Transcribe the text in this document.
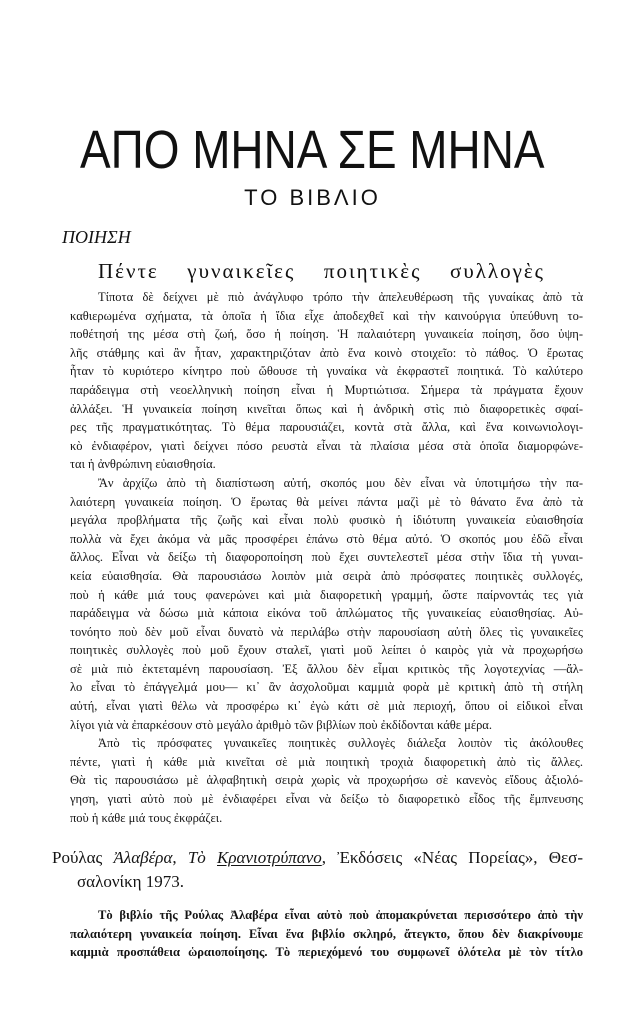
ΑΠΟ ΜΗΝΑ ΣΕ ΜΗΝΑ
ΤΟ ΒΙΒΛΙΟ
ΠΟΙΗΣΗ
Πέντε γυναικεῖες ποιητικὲς συλλογὲς
Τίποτα δὲ δείχνει μὲ πιὸ ἀνάγλυφο τρόπο τὴν ἀπελευθέρωση τῆς γυναίκας ἀπὸ τὰ
καθιερωμένα σχήματα, τὰ ὁποῖα ἡ ἴδια εἶχε ἀποδεχθεῖ καὶ τὴν καινούργια ὑπεύθυνη το-
ποθέτησή της μέσα στὴ ζωή, ὅσο ἡ ποίηση. Ἡ παλαιότερη γυναικεία ποίηση, ὅσο ὑψη-
λῆς στάθμης καὶ ἂν ἦταν, χαρακτηριζόταν ἀπὸ ἕνα κοινὸ στοιχεῖο: τὸ πάθος. Ὁ ἔρωτας
ἦταν τὸ κυριότερο κίνητρο ποὺ ὤθουσε τὴ γυναίκα νὰ ἐκφραστεῖ ποιητικά. Τὸ καλύτερο
παράδειγμα στὴ νεοελληνικὴ ποίηση εἶναι ἡ Μυρτιώτισα. Σήμερα τὰ πράγματα ἔχουν
ἀλλάξει. Ἡ γυναικεία ποίηση κινεῖται ὅπως καὶ ἡ ἀνδρικὴ στὶς πιὸ διαφορετικὲς σφαί-
ρες τῆς πραγματικότητας. Τὸ θέμα παρουσιάζει, κοντὰ στὰ ἄλλα, καὶ ἕνα κοινωνιολογι-
κὸ ἐνδιαφέρον, γιατὶ δείχνει πόσο ρευστὰ εἶναι τὰ πλαίσια μέσα στὰ ὁποῖα διαμορφώνε-
ται ἡ ἀνθρώπινη εὐαισθησία.
Ἂν ἀρχίζω ἀπὸ τὴ διαπίστωση αὐτή, σκοπός μου δὲν εἶναι νὰ ὑποτιμήσω τὴν πα-
λαιότερη γυναικεία ποίηση. Ὁ ἔρωτας θὰ μείνει πάντα μαζὶ μὲ τὸ θάνατο ἕνα ἀπὸ τὰ
μεγάλα προβλήματα τῆς ζωῆς καὶ εἶναι πολὺ φυσικὸ ἡ ἰδιότυπη γυναικεία εὐαισθησία
πολλὰ νὰ ἔχει ἀκόμα νὰ μᾶς προσφέρει ἐπάνω στὸ θέμα αὐτό. Ὁ σκοπός μου ἐδῶ εἶναι
ἄλλος. Εἶναι νὰ δείξω τὴ διαφοροποίηση ποὺ ἔχει συντελεστεῖ μέσα στὴν ἴδια τὴ γυναι-
κεία εὐαισθησία. Θὰ παρουσιάσω λοιπὸν μιὰ σειρὰ ἀπὸ πρόσφατες ποιητικὲς συλλογές,
ποὺ ἡ κάθε μιά τους φανερώνει καὶ μιὰ διαφορετικὴ γραμμή, ὥστε παίρνοντάς τες γιὰ
παράδειγμα νὰ δώσω μιὰ κάποια εἰκόνα τοῦ ἁπλώματος τῆς γυναικείας εὐαισθησίας. Αὐ-
τονόητο ποὺ δὲν μοῦ εἶναι δυνατὸ νὰ περιλάβω στὴν παρουσίαση αὐτὴ ὅλες τὶς γυναικεῖες
ποιητικὲς συλλογὲς ποὺ μοῦ ἔχουν σταλεῖ, γιατὶ μοῦ λείπει ὁ καιρὸς γιὰ νὰ προχωρήσω
σὲ μιὰ πιὸ ἐκτεταμένη παρουσίαση. Ἐξ ἄλλου δὲν εἶμαι κριτικὸς τῆς λογοτεχνίας —ἄλ-
λο εἶναι τὸ ἐπάγγελμά μου— κι᾽ ἂν ἀσχολοῦμαι καμμιὰ φορὰ μὲ κριτικὴ ἀπὸ τὴ στήλη
αὐτή, εἶναι γιατὶ θέλω νὰ προσφέρω κι᾽ ἐγὼ κάτι σὲ μιὰ περιοχή, ὅπου οἱ εἰδικοὶ εἶναι
λίγοι γιὰ νὰ ἐπαρκέσουν στὸ μεγάλο ἀριθμὸ τῶν βιβλίων ποὺ ἐκδίδονται κάθε μέρα.
Ἀπὸ τὶς πρόσφατες γυναικεῖες ποιητικὲς συλλογὲς διάλεξα λοιπὸν τὶς ἀκόλουθες
πέντε, γιατὶ ἡ κάθε μιὰ κινεῖται σὲ μιὰ ποιητικὴ τροχιὰ διαφορετικὴ ἀπὸ τὶς ἄλλες.
Θὰ τὶς παρουσιάσω μὲ ἀλφαβητικὴ σειρὰ χωρὶς νὰ προχωρήσω σὲ κανενὸς εἴδους ἀξιολό-
γηση, γιατὶ αὐτὸ ποὺ μὲ ἐνδιαφέρει εἶναι νὰ δείξω τὸ διαφορετικὸ εἶδος τῆς ἔμπνευσης
ποὺ ἡ κάθε μιά τους ἐκφράζει.
Ρούλας Ἀλαβέρα, Τὸ Κρανιοτρύπανο, Ἐκδόσεις «Νέας Πορείας», Θεσ-
σαλονίκη 1973.
Τὸ βιβλίο τῆς Ρούλας Ἀλαβέρα εἶναι αὐτὸ ποὺ ἀπομακρύνεται περισσότερο ἀπὸ τὴν
παλαιότερη γυναικεία ποίηση. Εἶναι ἕνα βιβλίο σκληρό, ἄτεγκτο, ὅπου δὲν διακρίνουμε
καμμιὰ προσπάθεια ὡραιοποίησης. Τὸ περιεχόμενό του συμφωνεῖ ὁλότελα μὲ τὸν τίτλο
